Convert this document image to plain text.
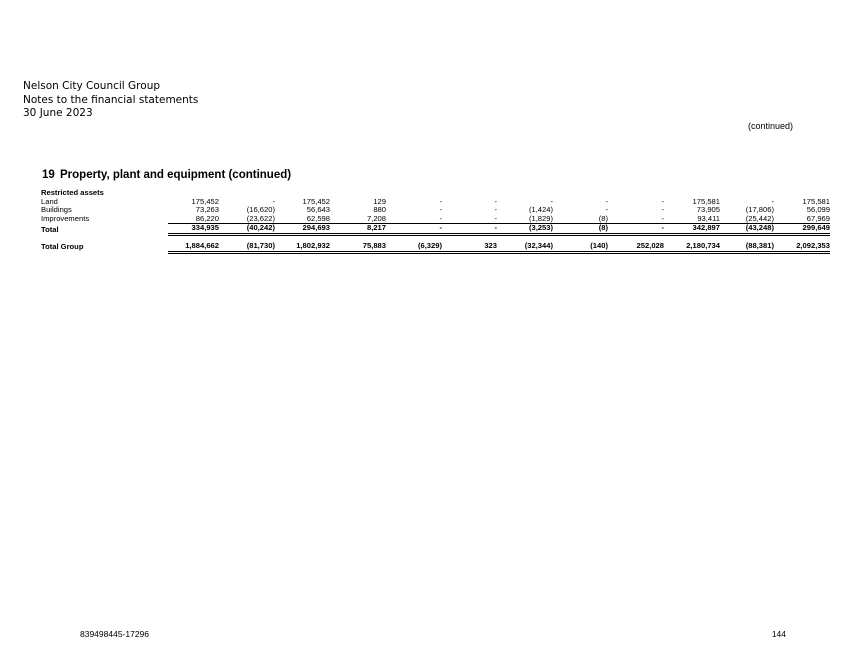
Nelson City Council Group
Notes to the financial statements
30 June 2023
(continued)
19 Property, plant and equipment (continued)
Restricted assets												
Land	175,452	-	175,452	129	-	-	-	-	-	175,581	-	175,581
Buildings	73,263	(16,620)	56,643	880	-	-	(1,424)	-	-	73,905	(17,806)	56,099
Improvements	86,220	(23,622)	62,598	7,208	-	-	(1,829)	(8)	-	93,411	(25,442)	67,969
Total	334,935	(40,242)	294,693	8,217	-	-	(3,253)	(8)	-	342,897	(43,248)	299,649

Total Group	1,884,662	(81,730)	1,802,932	75,883	(6,329)	323	(32,344)	(140)	252,028	2,180,734	(88,381)	2,092,353
839498445-17296	144
